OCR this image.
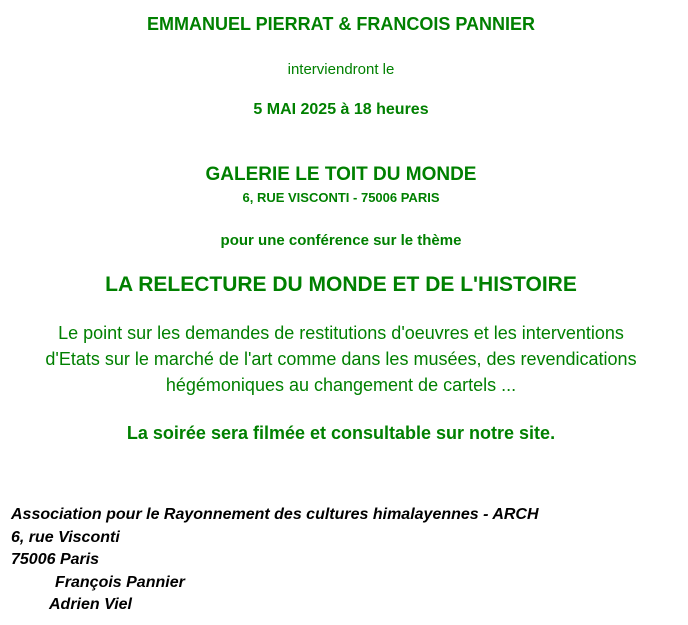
EMMANUEL PIERRAT & FRANCOIS PANNIER
interviendront le
5 MAI 2025 à 18 heures
GALERIE LE TOIT DU MONDE
6, RUE VISCONTI - 75006 PARIS
pour une conférence sur le thème
LA RELECTURE DU MONDE ET DE L'HISTOIRE
Le point sur les demandes de restitutions d'oeuvres et les interventions
d'Etats sur le marché de l'art comme dans les musées, des revendications
hégémoniques au changement de cartels ...
La soirée sera filmée et consultable sur notre site.
Association pour le Rayonnement des cultures himalayennes - ARCH
6, rue Visconti
75006 Paris
François Pannier
Adrien Viel
